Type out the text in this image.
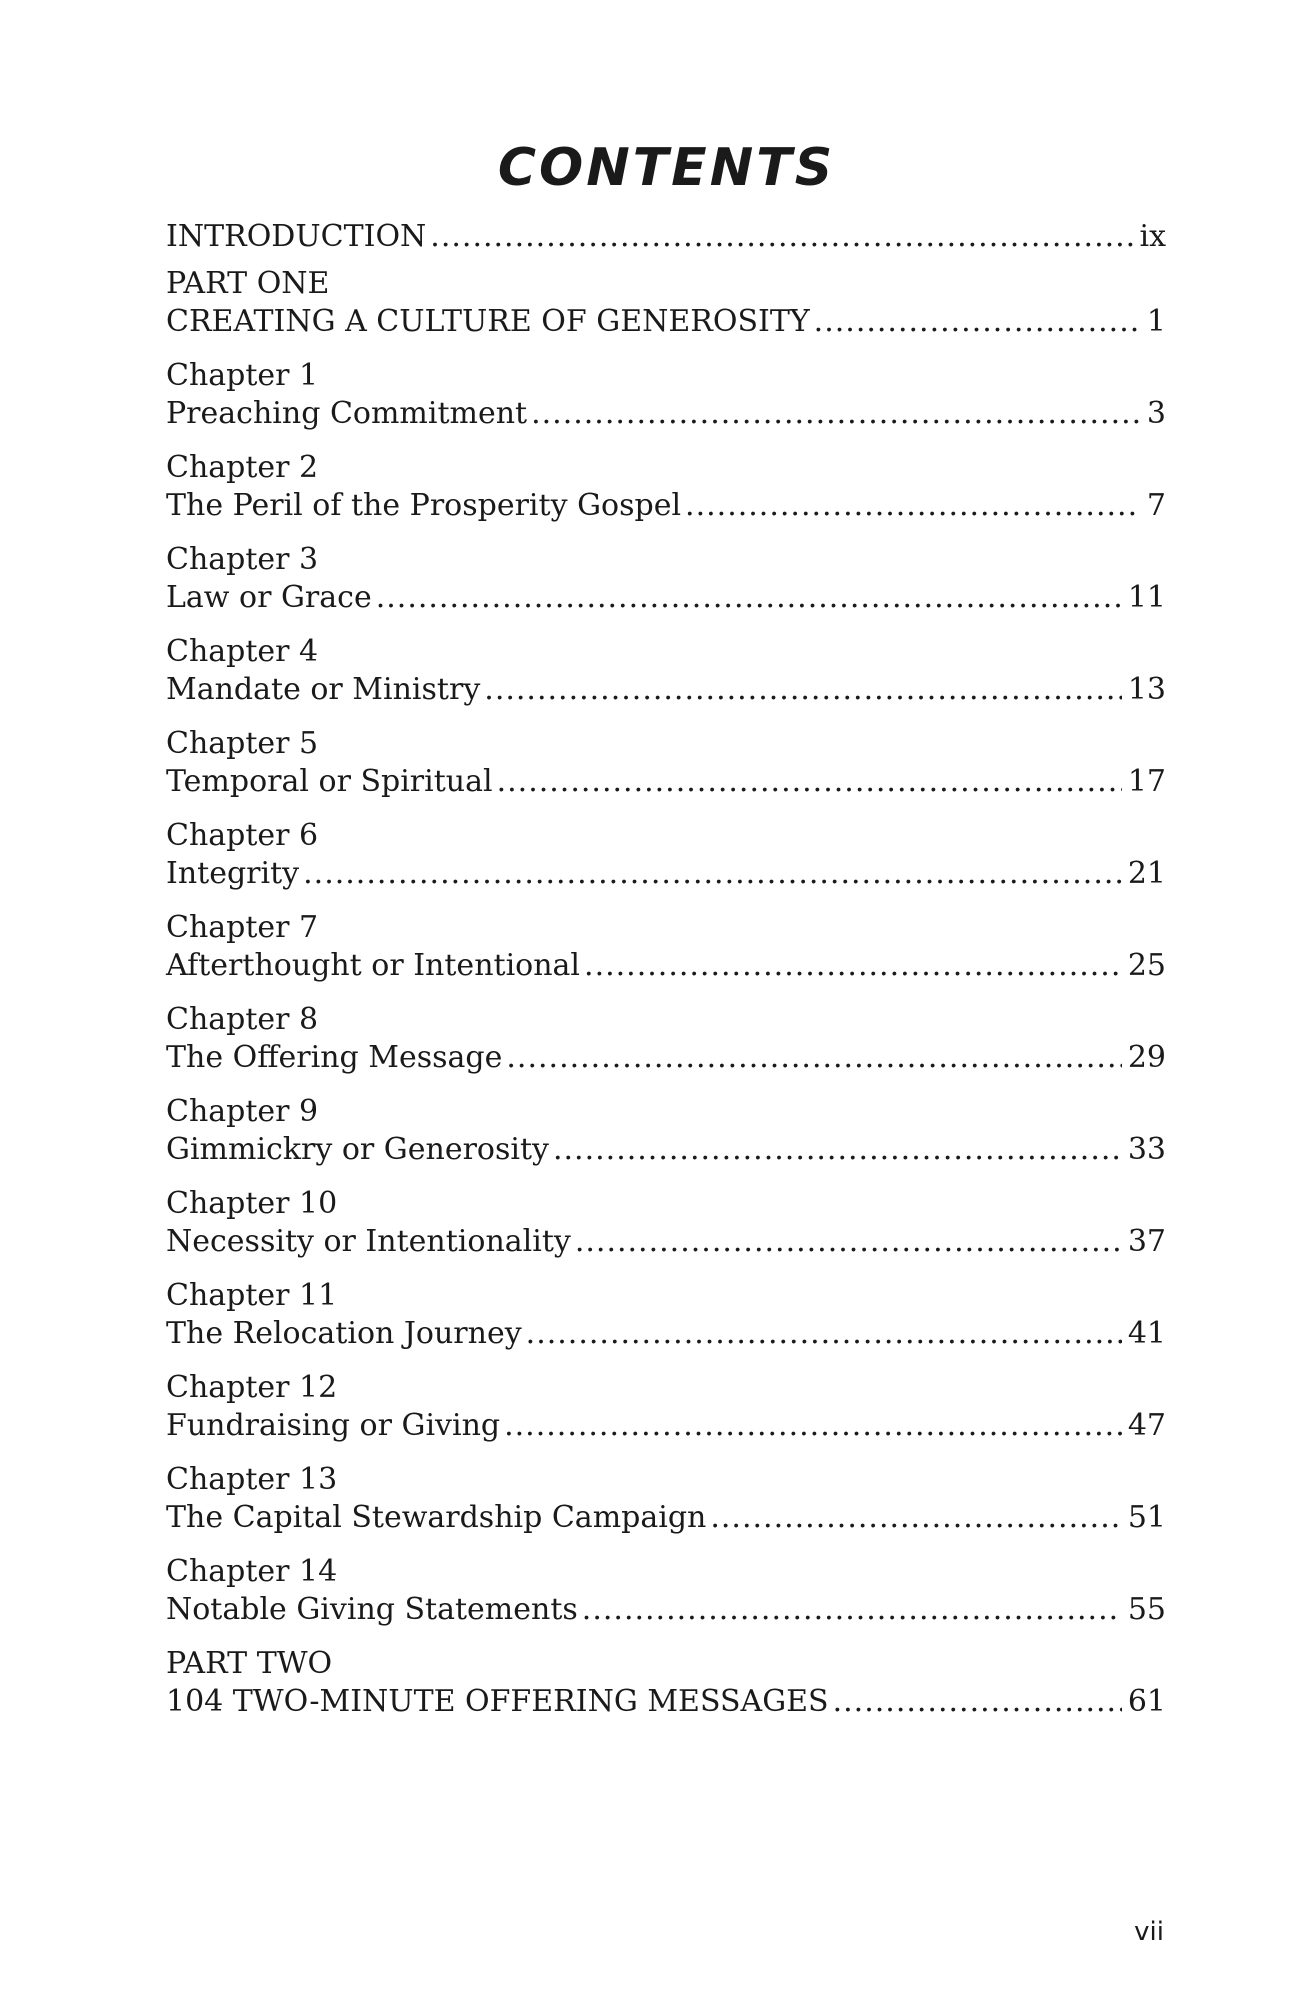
CONTENTS
INTRODUCTION .....	ix
PART ONE
CREATING A CULTURE OF GENEROSITY .....	1
Chapter 1
Preaching Commitment .....	3
Chapter 2
The Peril of the Prosperity Gospel .....	7
Chapter 3
Law or Grace .....	11
Chapter 4
Mandate or Ministry .....	13
Chapter 5
Temporal or Spiritual .....	17
Chapter 6
Integrity .....	21
Chapter 7
Afterthought or Intentional .....	25
Chapter 8
The Offering Message .....	29
Chapter 9
Gimmickry or Generosity .....	33
Chapter 10
Necessity or Intentionality .....	37
Chapter 11
The Relocation Journey .....	41
Chapter 12
Fundraising or Giving .....	47
Chapter 13
The Capital Stewardship Campaign .....	51
Chapter 14
Notable Giving Statements .....	55
PART TWO
104 TWO-MINUTE OFFERING MESSAGES .....	61
vii
